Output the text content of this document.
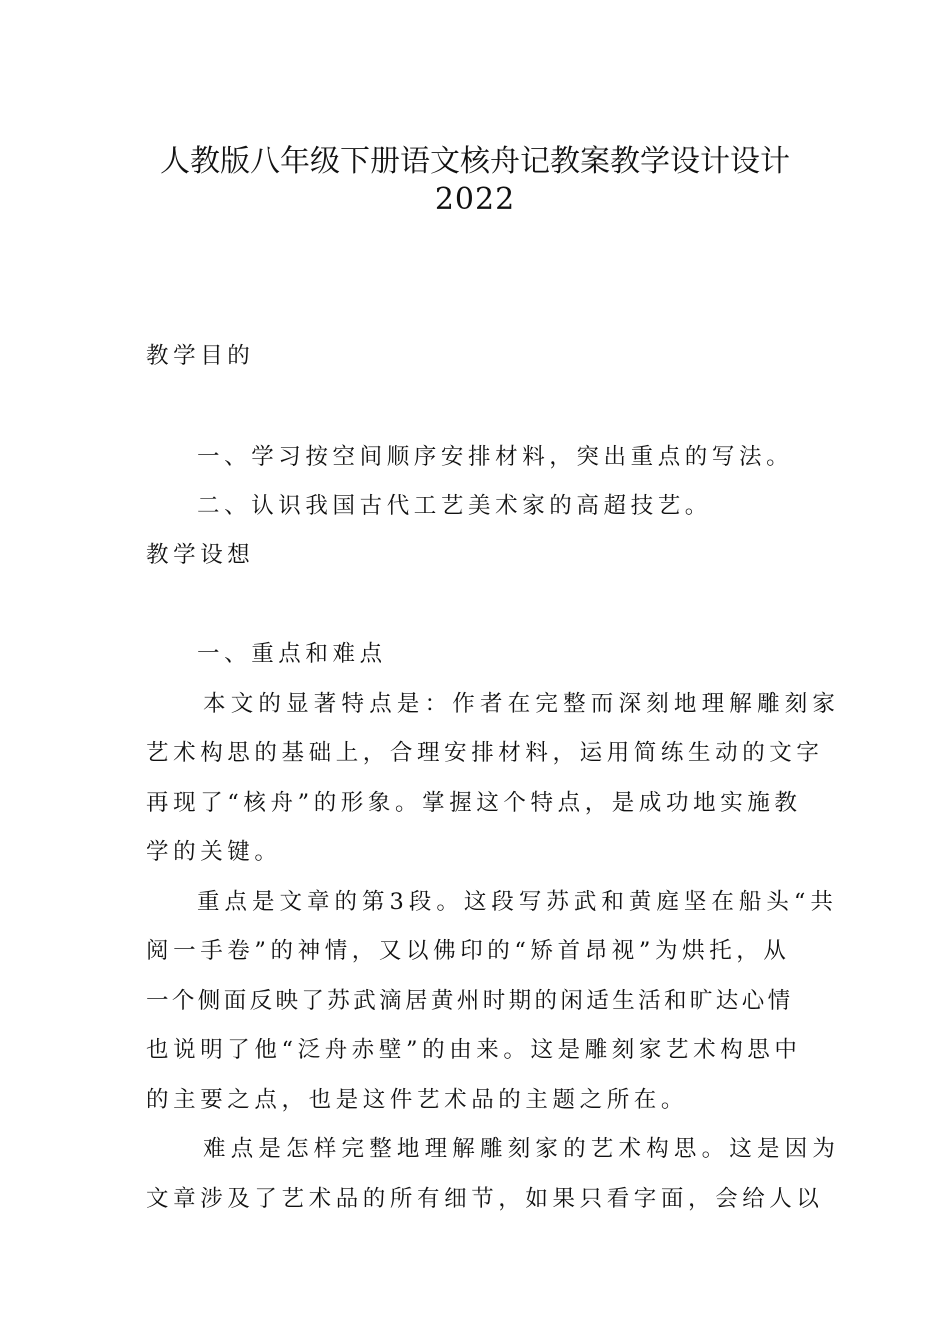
人教版八年级下册语文核舟记教案教学设计设计
2022
教学目的
一、学习按空间顺序安排材料，突出重点的写法。
二、认识我国古代工艺美术家的高超技艺。
教学设想
一、重点和难点
本文的显著特点是：作者在完整而深刻地理解雕刻家
艺术构思的基础上，合理安排材料，运用简练生动的文字
再现了“核舟”的形象。掌握这个特点，是成功地实施教
学的关键。
重点是文章的第3段。这段写苏武和黄庭坚在船头“共
阅一手卷”的神情，又以佛印的“矫首昂视”为烘托，从
一个侧面反映了苏武滴居黄州时期的闲适生活和旷达心情
也说明了他“泛舟赤壁”的由来。这是雕刻家艺术构思中
的主要之点，也是这件艺术品的主题之所在。
难点是怎样完整地理解雕刻家的艺术构思。这是因为
文章涉及了艺术品的所有细节，如果只看字面，会给人以
